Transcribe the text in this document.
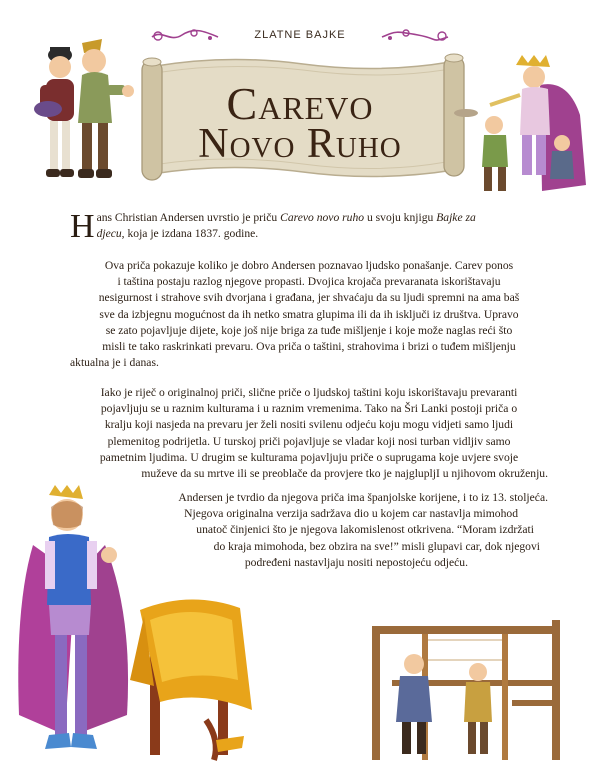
ZLATNE BAJKE
Carevo
Novo Ruho

Hans Christian Andersen uvrstio je priču Carevo novo ruho u svoju knjigu Bajke za
djecu, koja je izdana 1837. godine.

Ova priča pokazuje koliko je dobro Andersen poznavao ljudsko ponašanje. Carev ponos
i taština postaju razlog njegove propasti. Dvojica krojača prevaranata iskorištavaju
nesigurnost i strahove svih dvorjana i građana, jer shvaćaju da su ljudi spremni na ama baš
sve da izbjegnu mogućnost da ih netko smatra glupima ili da ih isključi iz društva. Upravo
se zato pojavljuje dijete, koje još nije briga za tuđe mišljenje i koje može naglas reći što
misli te tako raskrinkati prevaru. Ova priča o taštini, strahovima i brizi o tuđem mišljenju
aktualna je i danas.

Iako je riječ o originalnoj priči, slične priče o ljudskoj taštini koju iskorištavaju prevaranti
pojavljuju se u raznim kulturama i u raznim vremenima. Tako na Šri Lanki postoji priča o
kralju koji nasjeda na prevaru jer želi nositi svilenu odjeću koju mogu vidjeti samo ljudi
plemenitog podrijetla. U turskoj priči pojavljuje se vladar koji nosi turban vidljiv samo
pametnim ljudima. U drugim se kulturama pojavljuju priče o suprugama koje uvjere svoje
muževe da su mrtve ili se preoblače da provjere tko je najglupljI u njihovom okruženju.

Andersen je tvrdio da njegova priča ima španjolske korijene, i to iz 13. stoljeća.
Njegova originalna verzija sadržava dio u kojem car nastavlja mimohod
unatoč činjenici što je njegova lakomislenost otkrivena. “Moram izdržati
do kraja mimohoda, bez obzira na sve!” misli glupavi car, dok njegovi
podređeni nastavljaju nositi nepostojeću odjeću.
